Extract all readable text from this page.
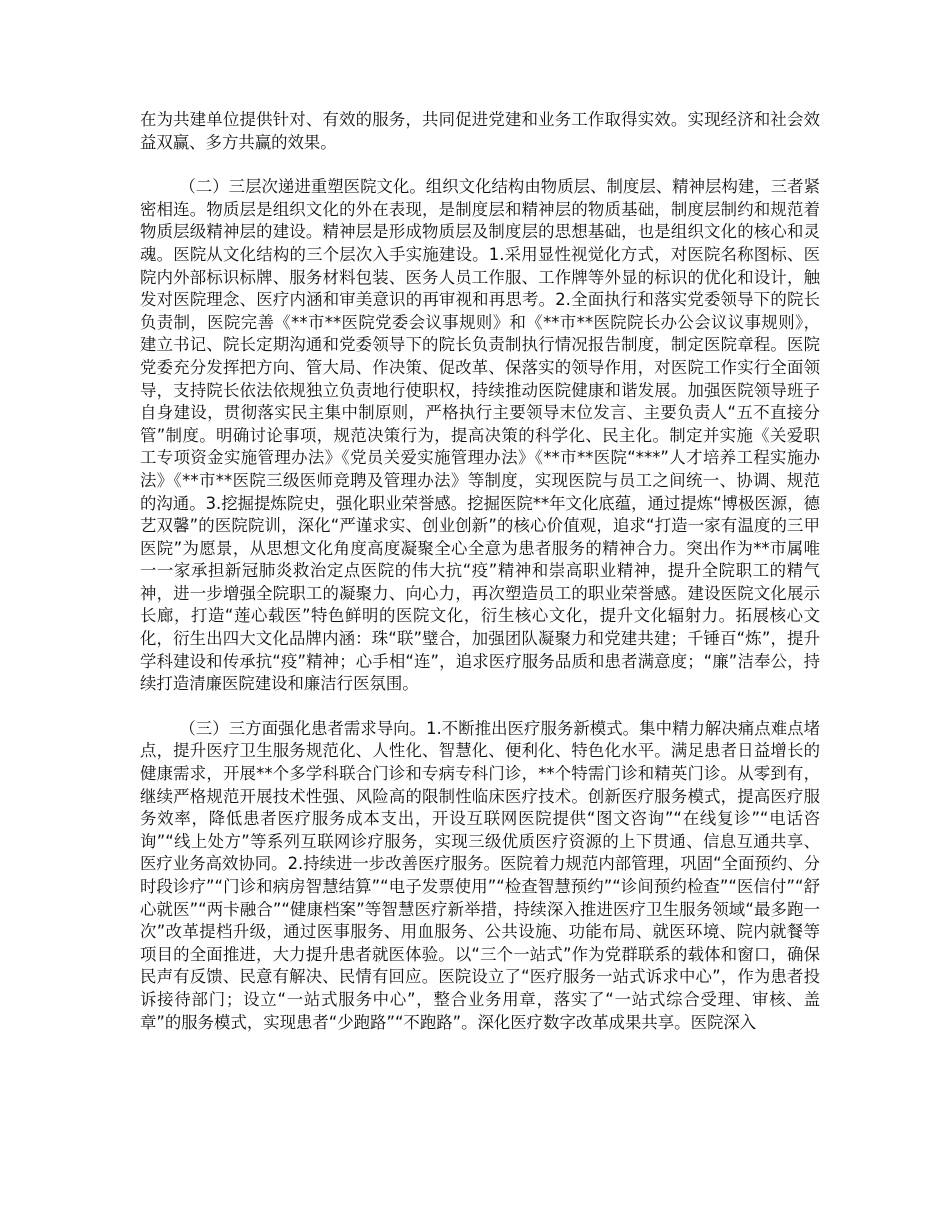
在为共建单位提供针对、有效的服务，共同促进党建和业务工作取得实效。实现经济和社会效益双赢、多方共赢的效果。

（二）三层次递进重塑医院文化。组织文化结构由物质层、制度层、精神层构建，三者紧密相连。物质层是组织文化的外在表现，是制度层和精神层的物质基础，制度层制约和规范着物质层级精神层的建设。精神层是形成物质层及制度层的思想基础，也是组织文化的核心和灵魂。医院从文化结构的三个层次入手实施建设。1.采用显性视觉化方式，对医院名称图标、医院内外部标识标牌、服务材料包装、医务人员工作服、工作牌等外显的标识的优化和设计，触发对医院理念、医疗内涵和审美意识的再审视和再思考。2.全面执行和落实党委领导下的院长负责制，医院完善《**市**医院党委会议事规则》和《**市**医院院长办公会议议事规则》，建立书记、院长定期沟通和党委领导下的院长负责制执行情况报告制度，制定医院章程。医院党委充分发挥把方向、管大局、作决策、促改革、保落实的领导作用，对医院工作实行全面领导，支持院长依法依规独立负责地行使职权，持续推动医院健康和谐发展。加强医院领导班子自身建设，贯彻落实民主集中制原则，严格执行主要领导末位发言、主要负责人“五不直接分管”制度。明确讨论事项，规范决策行为，提高决策的科学化、民主化。制定并实施《关爱职工专项资金实施管理办法》《党员关爱实施管理办法》《**市**医院“***”人才培养工程实施办法》《**市**医院三级医师竞聘及管理办法》等制度，实现医院与员工之间统一、协调、规范的沟通。3.挖掘提炼院史，强化职业荣誉感。挖掘医院**年文化底蕴，通过提炼“博极医源，德艺双馨”的医院院训，深化“严谨求实、创业创新”的核心价值观，追求“打造一家有温度的三甲医院”为愿景，从思想文化角度高度凝聚全心全意为患者服务的精神合力。突出作为**市属唯一一家承担新冠肺炎救治定点医院的伟大抗“疫”精神和崇高职业精神，提升全院职工的精气神，进一步增强全院职工的凝聚力、向心力，再次塑造员工的职业荣誉感。建设医院文化展示长廊，打造“莲心载医”特色鲜明的医院文化，衍生核心文化，提升文化辐射力。拓展核心文化，衍生出四大文化品牌内涵：珠“联”璧合，加强团队凝聚力和党建共建；千锤百“炼”，提升学科建设和传承抗“疫”精神；心手相“连”，追求医疗服务品质和患者满意度；“廉”洁奉公，持续打造清廉医院建设和廉洁行医氛围。

（三）三方面强化患者需求导向。1.不断推出医疗服务新模式。集中精力解决痛点难点堵点，提升医疗卫生服务规范化、人性化、智慧化、便利化、特色化水平。满足患者日益增长的健康需求，开展**个多学科联合门诊和专病专科门诊，**个特需门诊和精英门诊。从零到有，继续严格规范开展技术性强、风险高的限制性临床医疗技术。创新医疗服务模式，提高医疗服务效率，降低患者医疗服务成本支出，开设互联网医院提供“图文咨询”“在线复诊”“电话咨询”“线上处方”等系列互联网诊疗服务，实现三级优质医疗资源的上下贯通、信息互通共享、医疗业务高效协同。2.持续进一步改善医疗服务。医院着力规范内部管理，巩固“全面预约、分时段诊疗”“门诊和病房智慧结算”“电子发票使用”“检查智慧预约”“诊间预约检查”“医信付”“舒心就医”“两卡融合”“健康档案”等智慧医疗新举措，持续深入推进医疗卫生服务领域“最多跑一次”改革提档升级，通过医事服务、用血服务、公共设施、功能布局、就医环境、院内就餐等项目的全面推进，大力提升患者就医体验。以“三个一站式”作为党群联系的载体和窗口，确保民声有反馈、民意有解决、民情有回应。医院设立了“医疗服务一站式诉求中心”，作为患者投诉接待部门；设立“一站式服务中心”，整合业务用章，落实了“一站式综合受理、审核、盖章”的服务模式，实现患者“少跑路”“不跑路”。深化医疗数字改革成果共享。医院深入
